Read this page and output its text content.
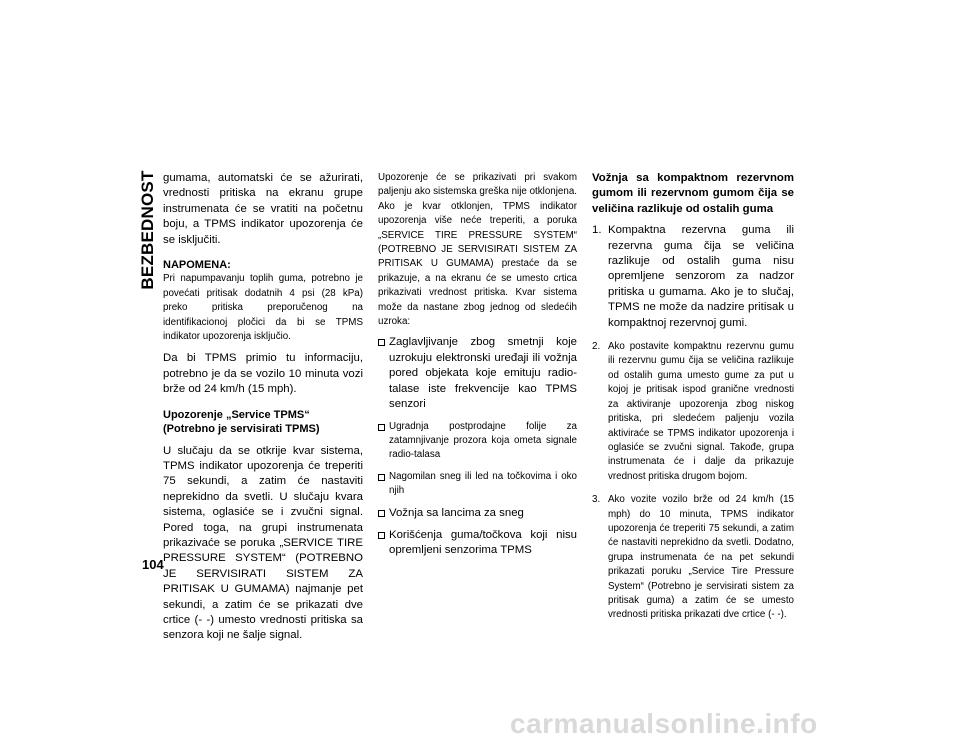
BEZBEDNOST
104

gumama, automatski će se ažurirati, vrednosti pritiska na ekranu grupe instrumenata će se vratiti na početnu boju, a TPMS indikator upozorenja će se isključiti.

NAPOMENA:

Pri napumpavanju toplih guma, potrebno je povećati pritisak dodatnih 4 psi (28 kPa) preko pritiska preporučenog na identifikacionoj pločici da bi se TPMS indikator upozorenja isključio.

Da bi TPMS primio tu informaciju, potrebno je da se vozilo 10 minuta vozi brže od 24 km/h (15 mph).

Upozorenje „Service TPMS“ (Potrebno je servisirati TPMS)

U slučaju da se otkrije kvar sistema, TPMS indikator upozorenja će treperiti 75 sekundi, a zatim će nastaviti neprekidno da svetli. U slučaju kvara sistema, oglasiće se i zvučni signal. Pored toga, na grupi instrumenata prikazivaće se poruka „SERVICE TIRE PRESSURE SYSTEM“ (POTREBNO JE SERVISIRATI SISTEM ZA PRITISAK U GUMAMA) najmanje pet sekundi, a zatim će se prikazati dve crtice (- -) umesto vrednosti pritiska sa senzora koji ne šalje signal.

Upozorenje će se prikazivati pri svakom paljenju ako sistemska greška nije otklonjena. Ako je kvar otklonjen, TPMS indikator upozorenja više neće treperiti, a poruka „SERVICE TIRE PRESSURE SYSTEM“ (POTREBNO JE SERVISIRATI SISTEM ZA PRITISAK U GUMAMA) prestaće da se prikazuje, a na ekranu će se umesto crtica prikazivati vrednost pritiska. Kvar sistema može da nastane zbog jednog od sledećih uzroka:

Zaglavljivanje zbog smetnji koje uzrokuju elektronski uređaji ili vožnja pored objekata koje emituju radio-talase iste frekvencije kao TPMS senzori
Ugradnja postprodajne folije za zatamnjivanje prozora koja ometa signale radio-talasa
Nagomilan sneg ili led na točkovima i oko njih
Vožnja sa lancima za sneg
Korišćenja guma/točkova koji nisu opremljeni senzorima TPMS

Vožnja sa kompaktnom rezervnom gumom ili rezervnom gumom čija se veličina razlikuje od ostalih guma

1. Kompaktna rezervna guma ili rezervna guma čija se veličina razlikuje od ostalih guma nisu opremljene senzorom za nadzor pritiska u gumama. Ako je to slučaj, TPMS ne može da nadzire pritisak u kompaktnoj rezervnoj gumi.

2. Ako postavite kompaktnu rezervnu gumu ili rezervnu gumu čija se veličina razlikuje od ostalih guma umesto gume za put u kojoj je pritisak ispod graničnе vrednosti za aktiviranje upozorenja zbog niskog pritiska, pri sledećem paljenju vozila aktiviraće se TPMS indikator upozorenja i oglasiće se zvučni signal. Takođe, grupa instrumenata će i dalje da prikazuje vrednost pritiska drugom bojom.

3. Ako vozite vozilo brže od 24 km/h (15 mph) do 10 minuta, TPMS indikator upozorenja će treperiti 75 sekundi, a zatim će nastaviti neprekidno da svetli. Dodatno, grupa instrumenata će na pet sekundi prikazati poruku „Service Tire Pressure System“ (Potrebno je servisirati sistem za pritisak guma) a zatim će se umesto vrednosti pritiska prikazati dve crtice (- -).

carmanualsonline.info
